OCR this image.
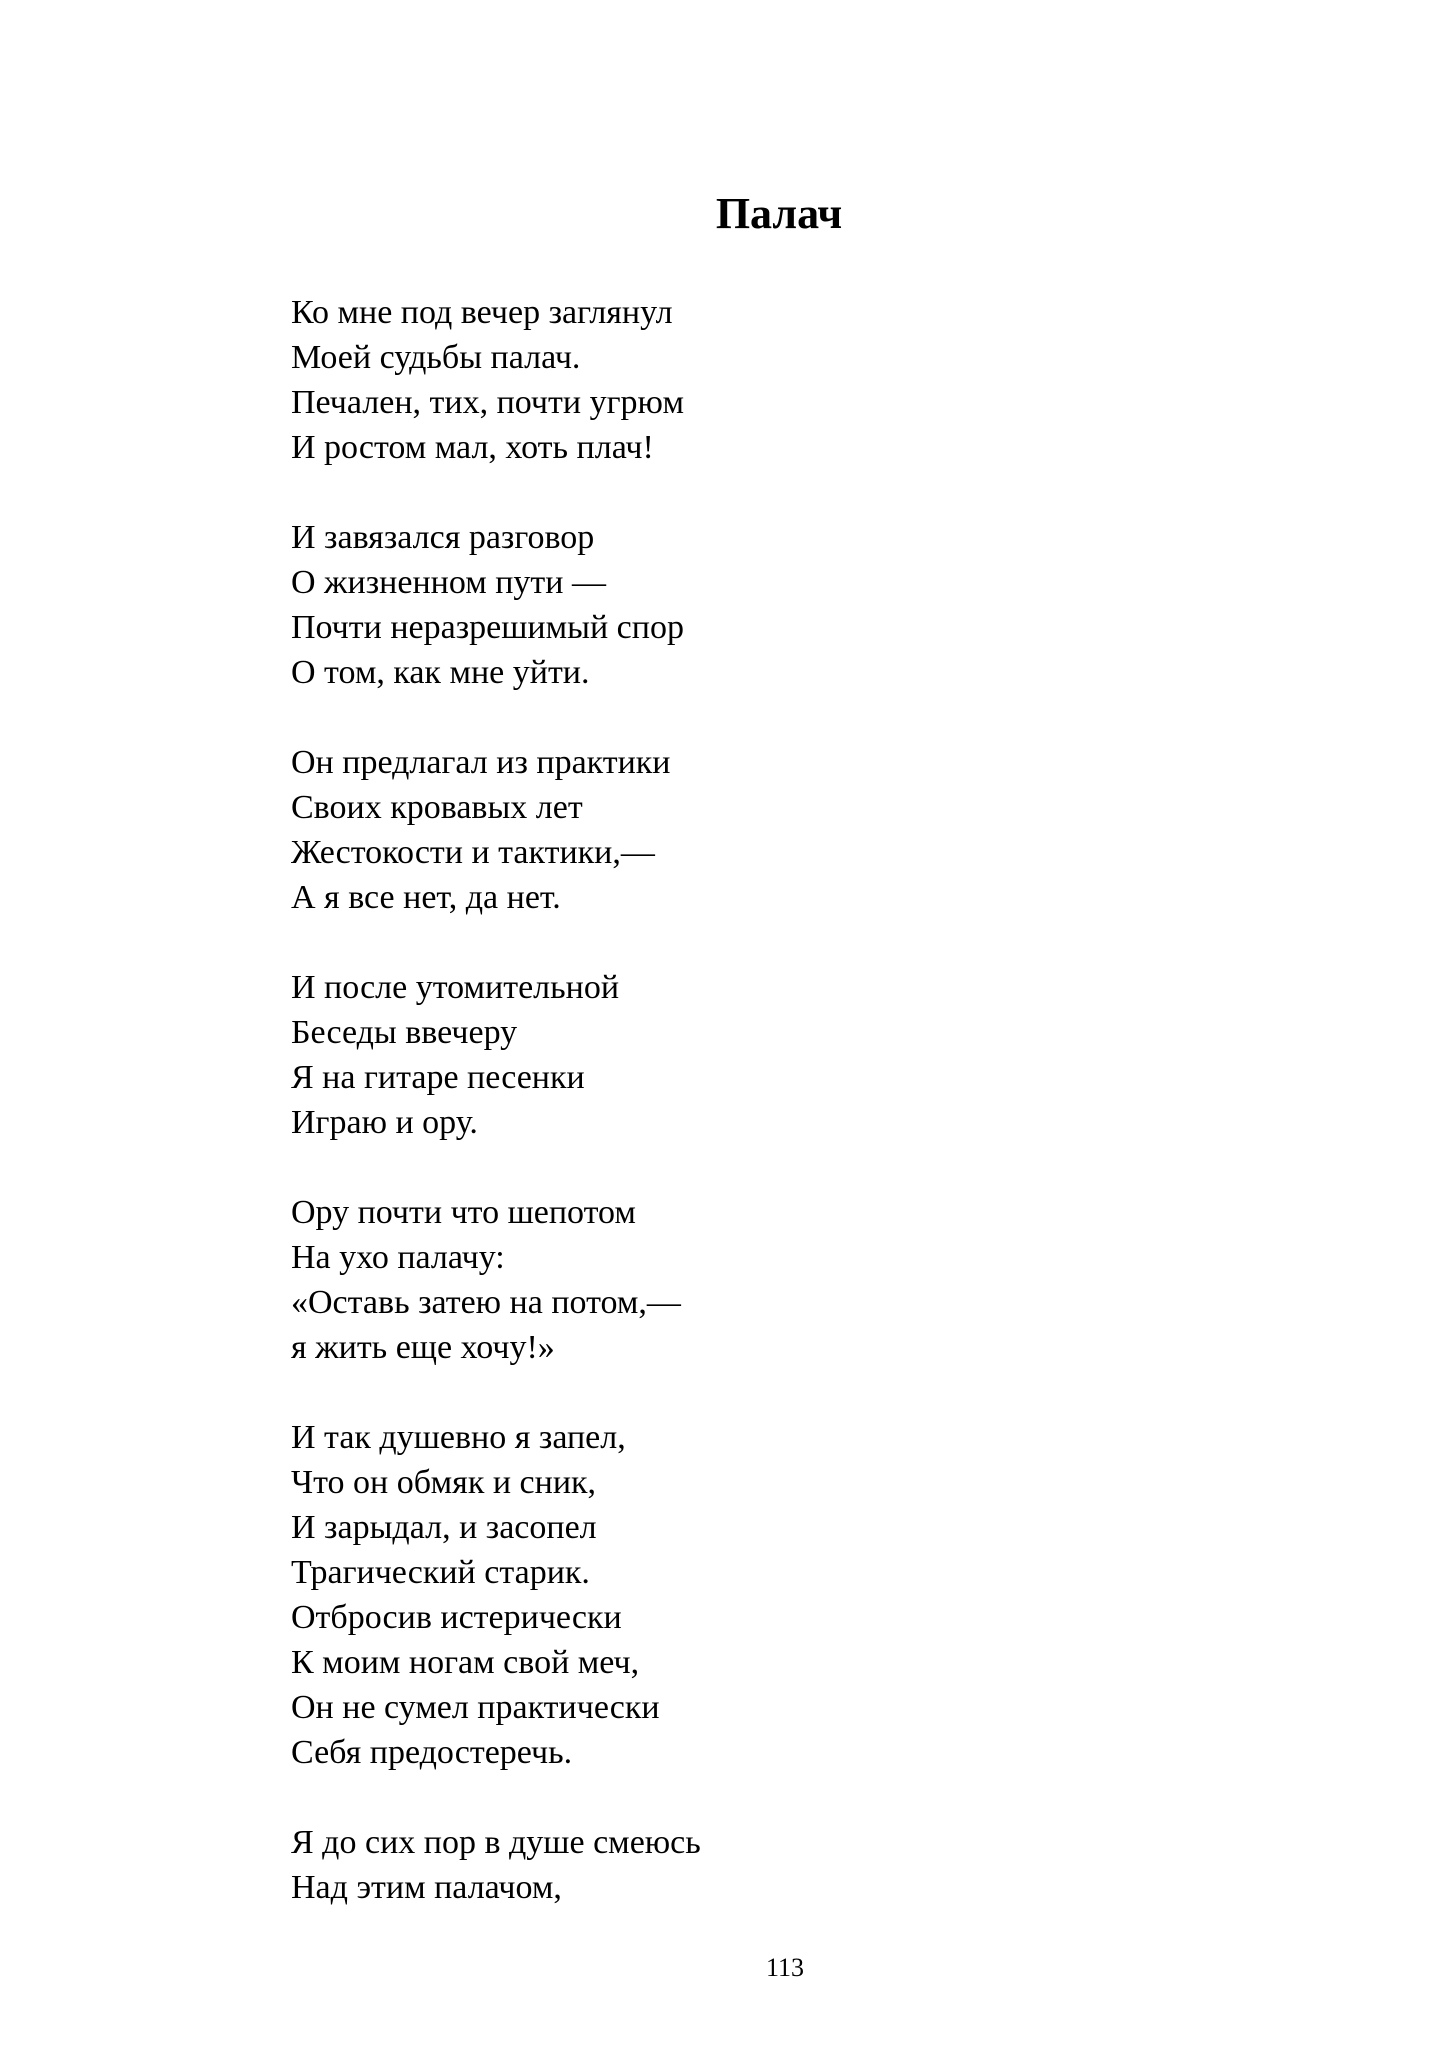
Палач
Ко мне под вечер заглянул
Моей судьбы палач.
Печален, тих, почти угрюм
И ростом мал, хоть плач!
И завязался разговор
О жизненном пути —
Почти неразрешимый спор
О том, как мне уйти.
Он предлагал из практики
Своих кровавых лет
Жестокости и тактики,—
А я все нет, да нет.
И после утомительной
Беседы ввечеру
Я на гитаре песенки
Играю и ору.
Ору почти что шепотом
На ухо палачу:
«Оставь затею на потом,—
я жить еще хочу!»
И так душевно я запел,
Что он обмяк и сник,
И зарыдал, и засопел
Трагический старик.
Отбросив истерически
К моим ногам свой меч,
Он не сумел практически
Себя предостеречь.
Я до сих пор в душе смеюсь
Над этим палачом,
113
